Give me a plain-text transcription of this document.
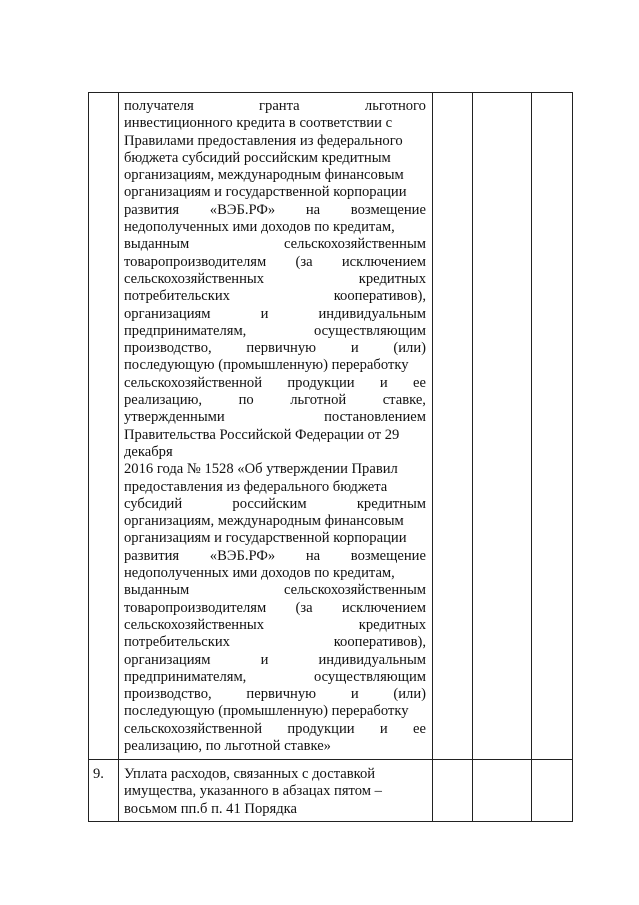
получателя	гранта	льготного
инвестиционного кредита в соответствии с
Правилами предоставления из федерального
бюджета субсидий российским кредитным
организациям, международным финансовым
организациям и государственной корпорации
развития «ВЭБ.РФ» на возмещение
недополученных ими доходов по кредитам,
выданным	сельскохозяйственным
товаропроизводителям (за исключением
сельскохозяйственных	кредитных
потребительских	кооперативов),
организациям	и	индивидуальным
предпринимателям,	осуществляющим
производство, первичную и (или)
последующую (промышленную) переработку
сельскохозяйственной продукции и ее
реализацию,	по	льготной	ставке,
утвержденными	постановлением
Правительства Российской Федерации от 29
декабря
2016 года № 1528 «Об утверждении Правил
предоставления из федерального бюджета
субсидий	российским	кредитным
организациям, международным финансовым
организациям и государственной корпорации
развития «ВЭБ.РФ» на возмещение
недополученных ими доходов по кредитам,
выданным	сельскохозяйственным
товаропроизводителям (за исключением
сельскохозяйственных	кредитных
потребительских	кооперативов),
организациям	и	индивидуальным
предпринимателям,	осуществляющим
производство, первичную и (или)
последующую (промышленную) переработку
сельскохозяйственной продукции и ее
реализацию, по льготной ставке»
9. Уплата расходов, связанных с доставкой
имущества, указанного в абзацах пятом –
восьмом пп.б п. 41 Порядка
